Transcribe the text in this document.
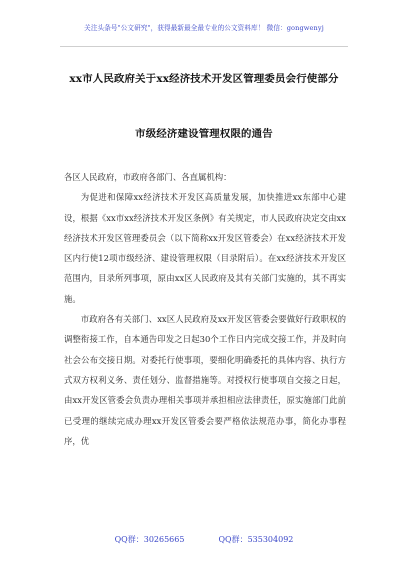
关注头条号"公文研究"，获得最新最全最专业的公文资料库！ 微信：gongwenyj
xx市人民政府关于xx经济技术开发区管理委员会行使部分
市级经济建设管理权限的通告

各区人民政府，市政府各部门、各直属机构：

为促进和保障xx经济技术开发区高质量发展，加快推进xx东部中心建设，根据《xx市xx经济技术开发区条例》有关规定，市人民政府决定交由xx经济技术开发区管理委员会（以下简称xx开发区管委会）在xx经济技术开发区内行使12项市级经济、建设管理权限（目录附后）。在xx经济技术开发区范围内，目录所列事项，原由xx区人民政府及其有关部门实施的，其不再实施。

市政府各有关部门、xx区人民政府及xx开发区管委会要做好行政职权的调整衔接工作，自本通告印发之日起30个工作日内完成交接工作，并及时向社会公布交接日期。对委托行使事项，要细化明确委托的具体内容、执行方式双方权利义务、责任划分、监督措施等。对授权行使事项自交接之日起，由xx开发区管委会负责办理相关事项并承担相应法律责任，原实施部门此前已受理的继续完成办理xx开发区管委会要严格依法规范办事，简化办事程序，优

QQ群：30265665	QQ群：535304092
